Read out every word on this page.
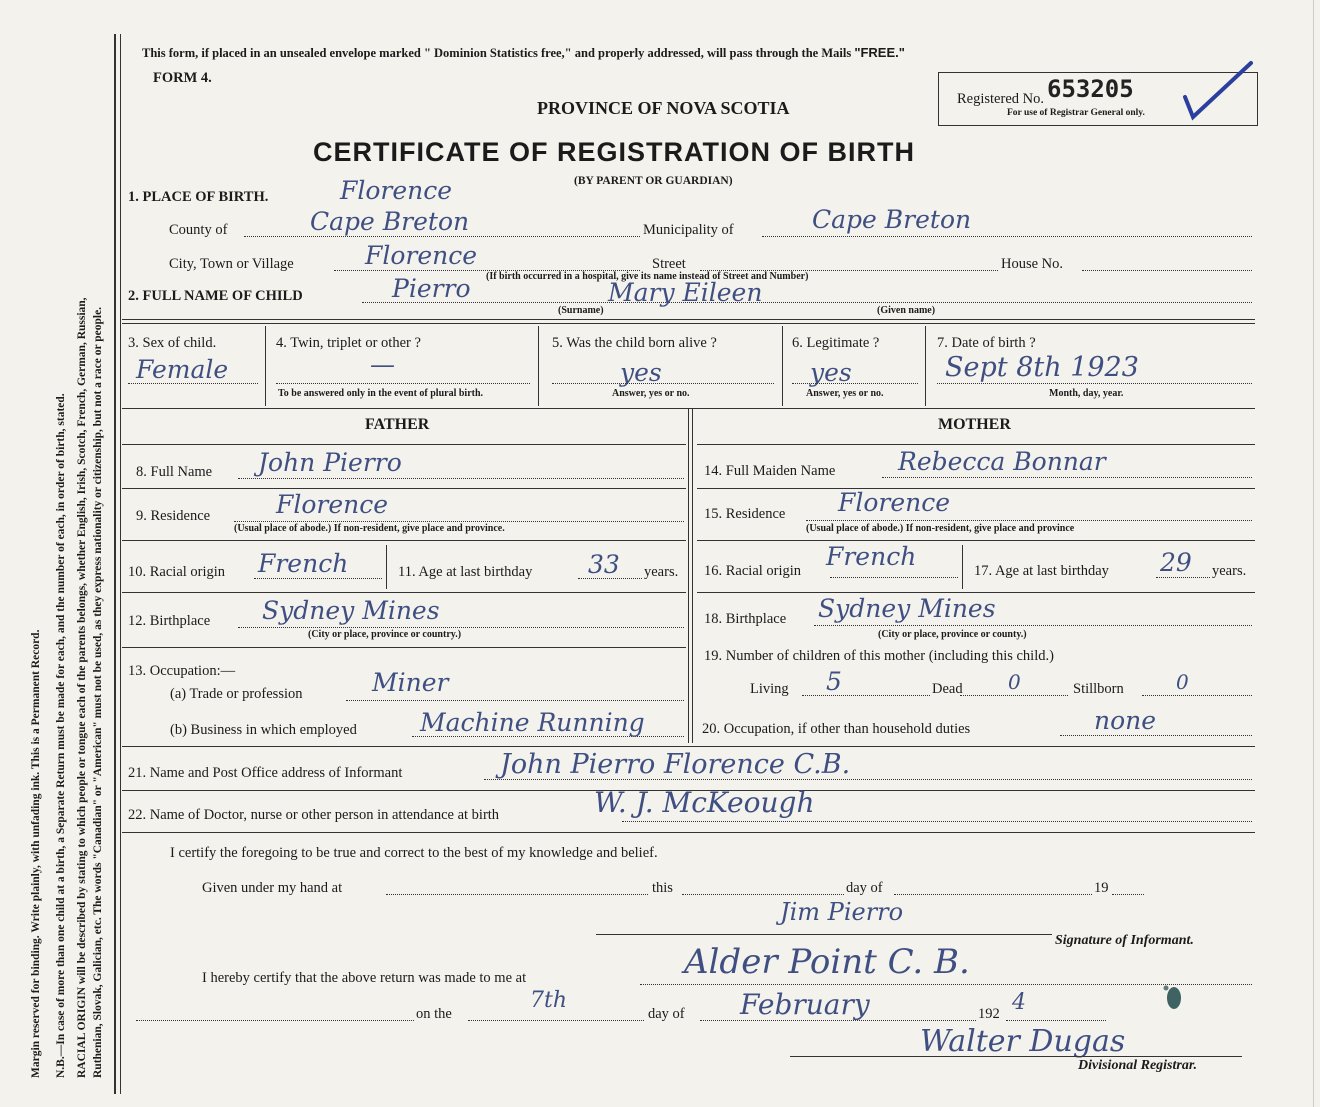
Margin reserved for binding. Write plainly, with unfading ink. This is a Permanent Record. N.B.—In case of more than one child at a birth, a Separate Return must be made for each, and the number of each, in order of birth, stated. RACIAL ORIGIN will be described by stating to which people or tongue each of the parents belongs, whether English, Irish, Scotch, French, German, Russian, Ruthenian, Slovak, Galician, etc. The words "Canadian" or "American" must not be used, as they express nationality or citizenship, but not a race or people.
This form, if placed in an unsealed envelope marked " Dominion Statistics free," and properly addressed, will pass through the Mails "FREE."
FORM 4.
PROVINCE OF NOVA SCOTIA
CERTIFICATE OF REGISTRATION OF BIRTH
(BY PARENT OR GUARDIAN)
Registered No. 653205
For use of Registrar General only.
1. PLACE OF BIRTH.	Florence
County of	Cape Breton	Municipality of	Cape Breton
City, Town or Village	Florence	Street	House No.
(If birth occurred in a hospital, give its name instead of Street and Number)
2. FULL NAME OF CHILD	Pierro	Mary Eileen
(Surname)	(Given name)
3. Sex of child.
Female
4. Twin, triplet or other ?
—
To be answered only in the event of plural birth.
5. Was the child born alive ?
yes
Answer, yes or no.
6. Legitimate ?
yes
Answer, yes or no.
7. Date of birth ?
Sept 8th 1923
Month, day, year.
FATHER
8. Full Name John Pierro
9. Residence	Florence
(Usual place of abode.) If non-resident, give place and province.
10. Racial origin French	11. Age at last birthday 33 years.
12. Birthplace Sydney Mines
(City or place, province or country.)
13. Occupation:—
(a) Trade or profession	Miner
(b) Business in which employed	Machine Running
MOTHER
14. Full Maiden Name	Rebecca Bonnar
15. Residence Florence
(Usual place of abode.) If non-resident, give place and province
16. Racial origin French	17. Age at last birthday 29 years.
18. Birthplace Sydney Mines
(City or place, province or county.)
19. Number of children of this mother (including this child.)
Living 5	Dead 0	Stillborn	0
20. Occupation, if other than household duties	none
21. Name and Post Office address of Informant	John Pierro Florence C.B.
22. Name of Doctor, nurse or other person in attendance at birth	W. J. McKeough
I certify the foregoing to be true and correct to the best of my knowledge and belief.
Given under my hand at	this	day of	19
Jim Pierro
Signature of Informant.
I hereby certify that the above return was made to me at	Alder Point C. B.
on the
7th
day of February	192 4
Walter Dugas
Divisional Registrar.
